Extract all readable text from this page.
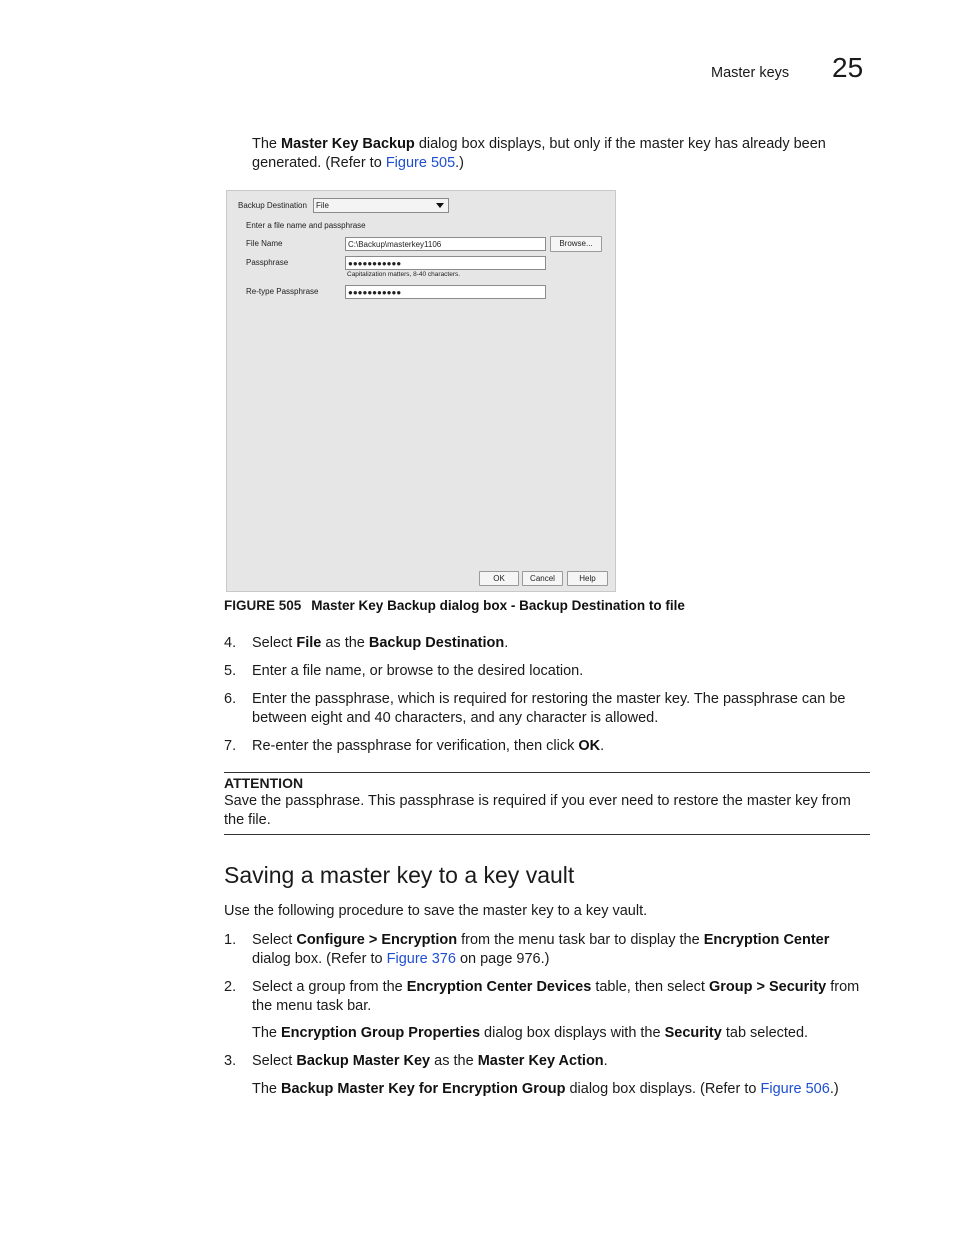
Master keys 25
The Master Key Backup dialog box displays, but only if the master key has already been generated. (Refer to Figure 505.)
Backup Destination	File
Enter a file name and passphrase
File Name	C:\Backup\masterkey1106	Browse...
Passphrase	●●●●●●●●●●●
Capitalization matters, 8-40 characters.
Re-type Passphrase	●●●●●●●●●●●
OK	Cancel	Help
FIGURE 505 Master Key Backup dialog box - Backup Destination to file
4. Select File as the Backup Destination.
5. Enter a file name, or browse to the desired location.
6. Enter the passphrase, which is required for restoring the master key. The passphrase can be between eight and 40 characters, and any character is allowed.
7. Re-enter the passphrase for verification, then click OK.
ATTENTION
Save the passphrase. This passphrase is required if you ever need to restore the master key from the file.
Saving a master key to a key vault
Use the following procedure to save the master key to a key vault.
1. Select Configure > Encryption from the menu task bar to display the Encryption Center dialog box. (Refer to Figure 376 on page 976.)
2. Select a group from the Encryption Center Devices table, then select Group > Security from the menu task bar.
The Encryption Group Properties dialog box displays with the Security tab selected.
3. Select Backup Master Key as the Master Key Action.
The Backup Master Key for Encryption Group dialog box displays. (Refer to Figure 506.)
